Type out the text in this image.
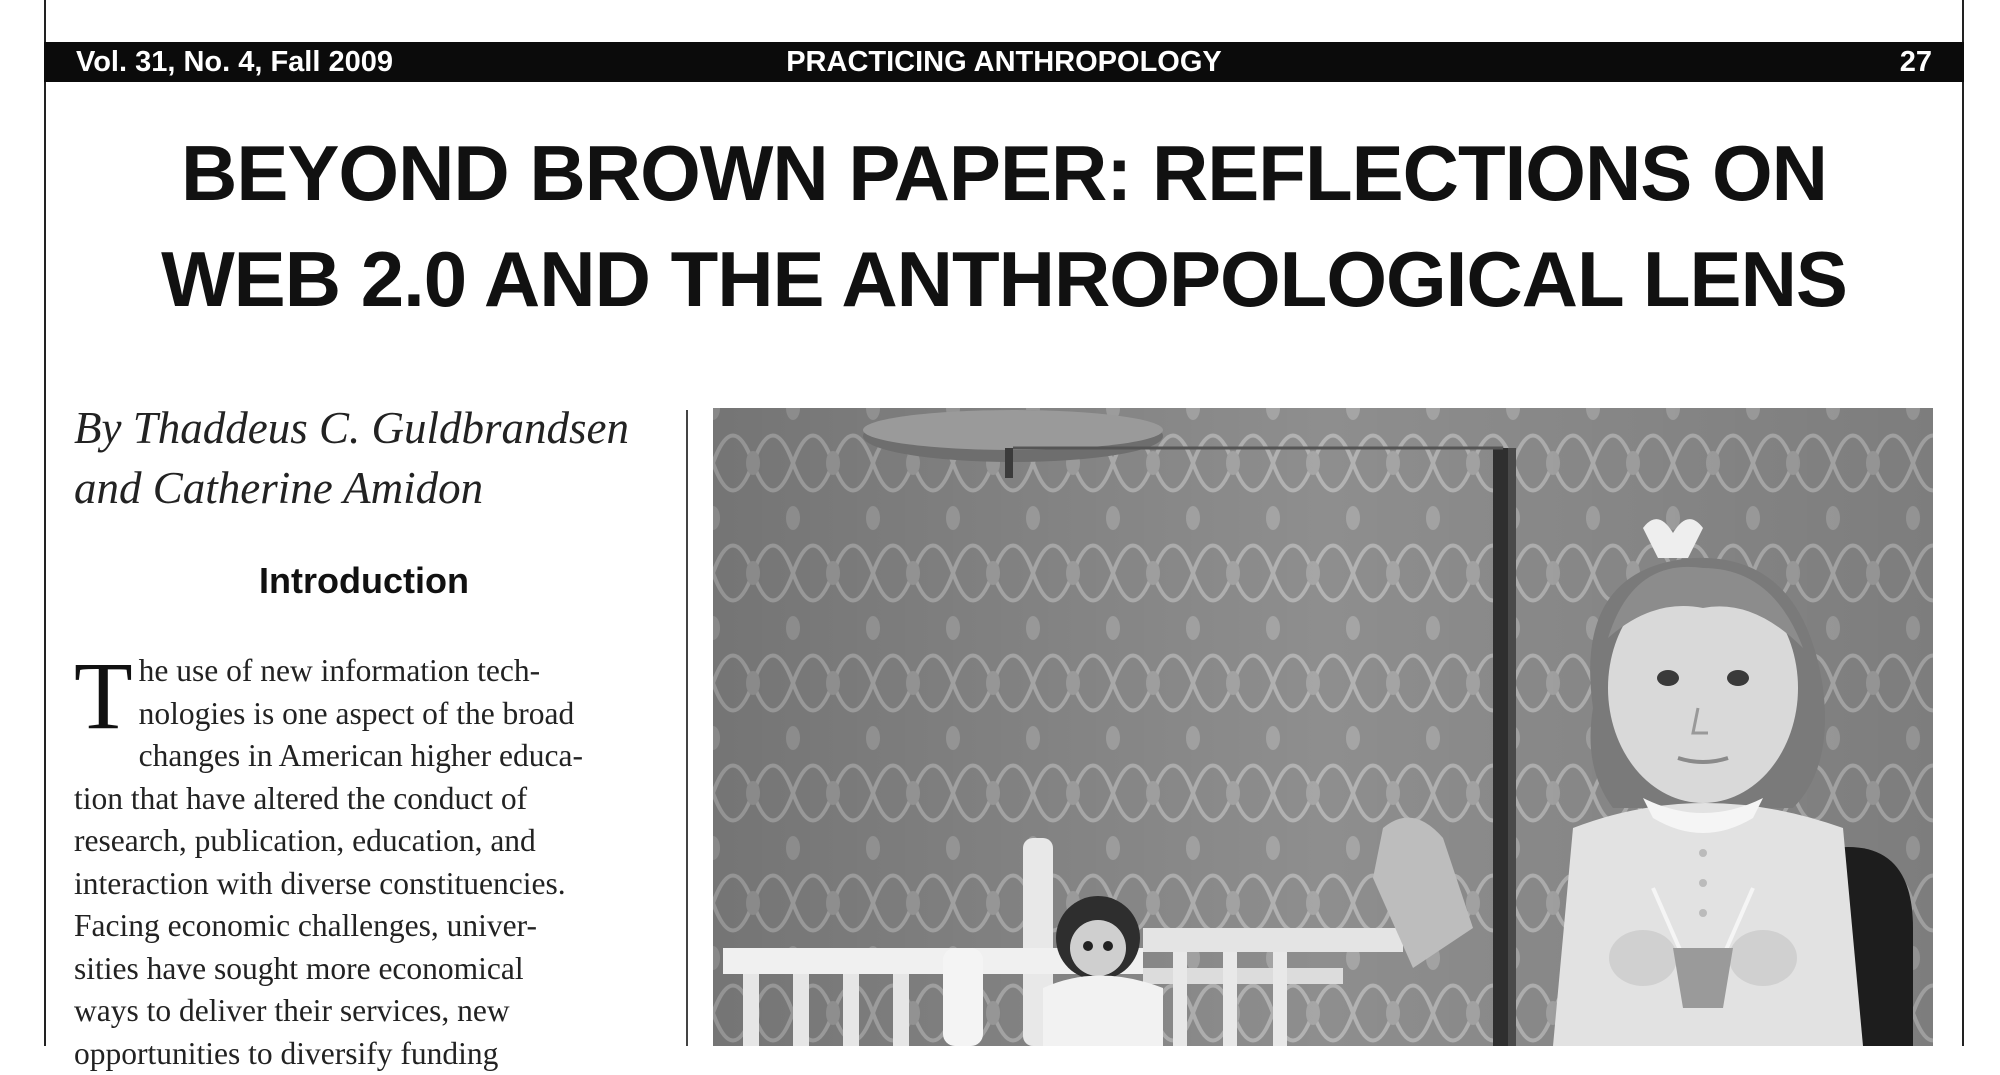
Vol. 31, No. 4, Fall 2009	PRACTICING ANTHROPOLOGY	27
BEYOND BROWN PAPER: REFLECTIONS ON
WEB 2.0 AND THE ANTHROPOLOGICAL LENS
By Thaddeus C. Guldbrandsen
and Catherine Amidon
Introduction
T he use of new information tech-
nologies is one aspect of the broad
changes in American higher educa-
tion that have altered the conduct of
research, publication, education, and
interaction with diverse constituencies.
Facing economic challenges, univer-
sities have sought more economical
ways to deliver their services, new
opportunities to diversify funding
